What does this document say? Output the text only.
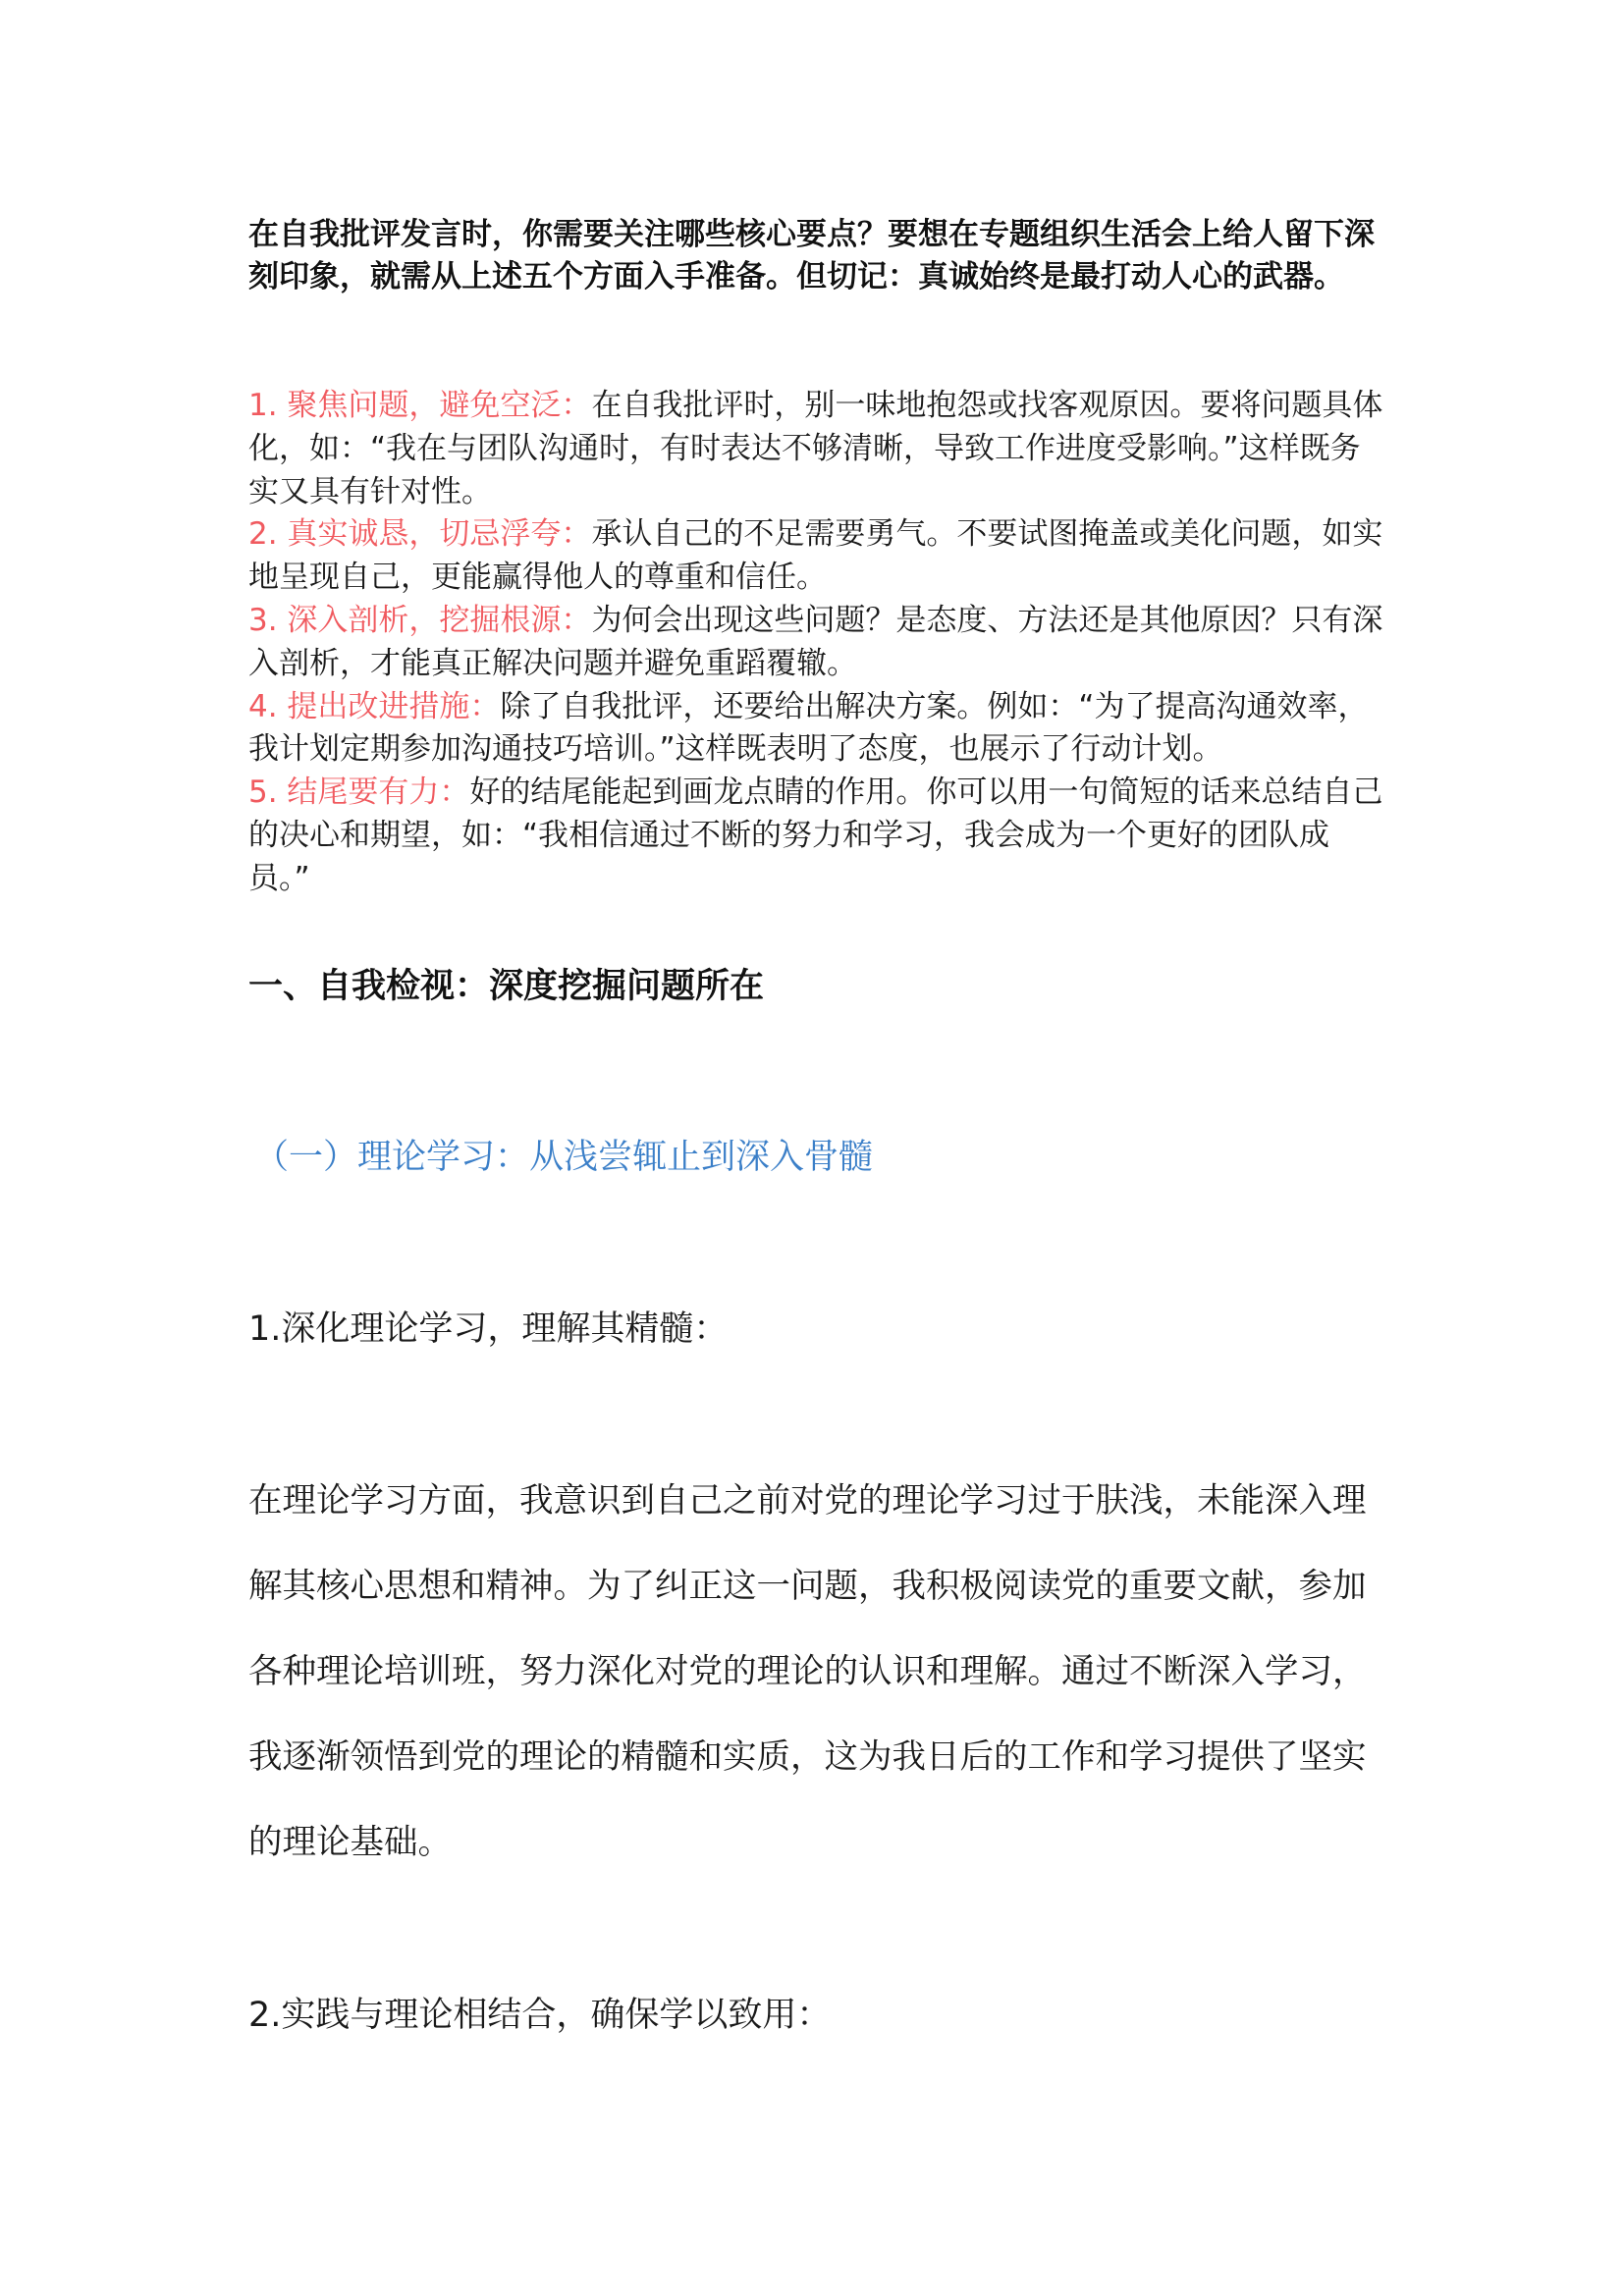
在自我批评发言时，你需要关注哪些核心要点？要想在专题组织生活会上给人留下深刻印象，就需从上述五个方面入手准备。但切记：真诚始终是最打动人心的武器。
1. 聚焦问题，避免空泛：在自我批评时，别一味地抱怨或找客观原因。要将问题具体化，如：“我在与团队沟通时，有时表达不够清晰，导致工作进度受影响。”这样既务实又具有针对性。
2. 真实诚恳，切忌浮夸：承认自己的不足需要勇气。不要试图掩盖或美化问题，如实地呈现自己，更能赢得他人的尊重和信任。
3. 深入剖析，挖掘根源：为何会出现这些问题？是态度、方法还是其他原因？只有深入剖析，才能真正解决问题并避免重蹈覆辙。
4. 提出改进措施：除了自我批评，还要给出解决方案。例如：“为了提高沟通效率，我计划定期参加沟通技巧培训。”这样既表明了态度，也展示了行动计划。
5. 结尾要有力：好的结尾能起到画龙点睛的作用。你可以用一句简短的话来总结自己的决心和期望，如：“我相信通过不断的努力和学习，我会成为一个更好的团队成员。”
一、自我检视：深度挖掘问题所在
（一）理论学习：从浅尝辄止到深入骨髓
1.深化理论学习，理解其精髓：
在理论学习方面，我意识到自己之前对党的理论学习过于肤浅，未能深入理解其核心思想和精神。为了纠正这一问题，我积极阅读党的重要文献，参加各种理论培训班，努力深化对党的理论的认识和理解。通过不断深入学习，我逐渐领悟到党的理论的精髓和实质，这为我日后的工作和学习提供了坚实的理论基础。
2.实践与理论相结合，确保学以致用：
